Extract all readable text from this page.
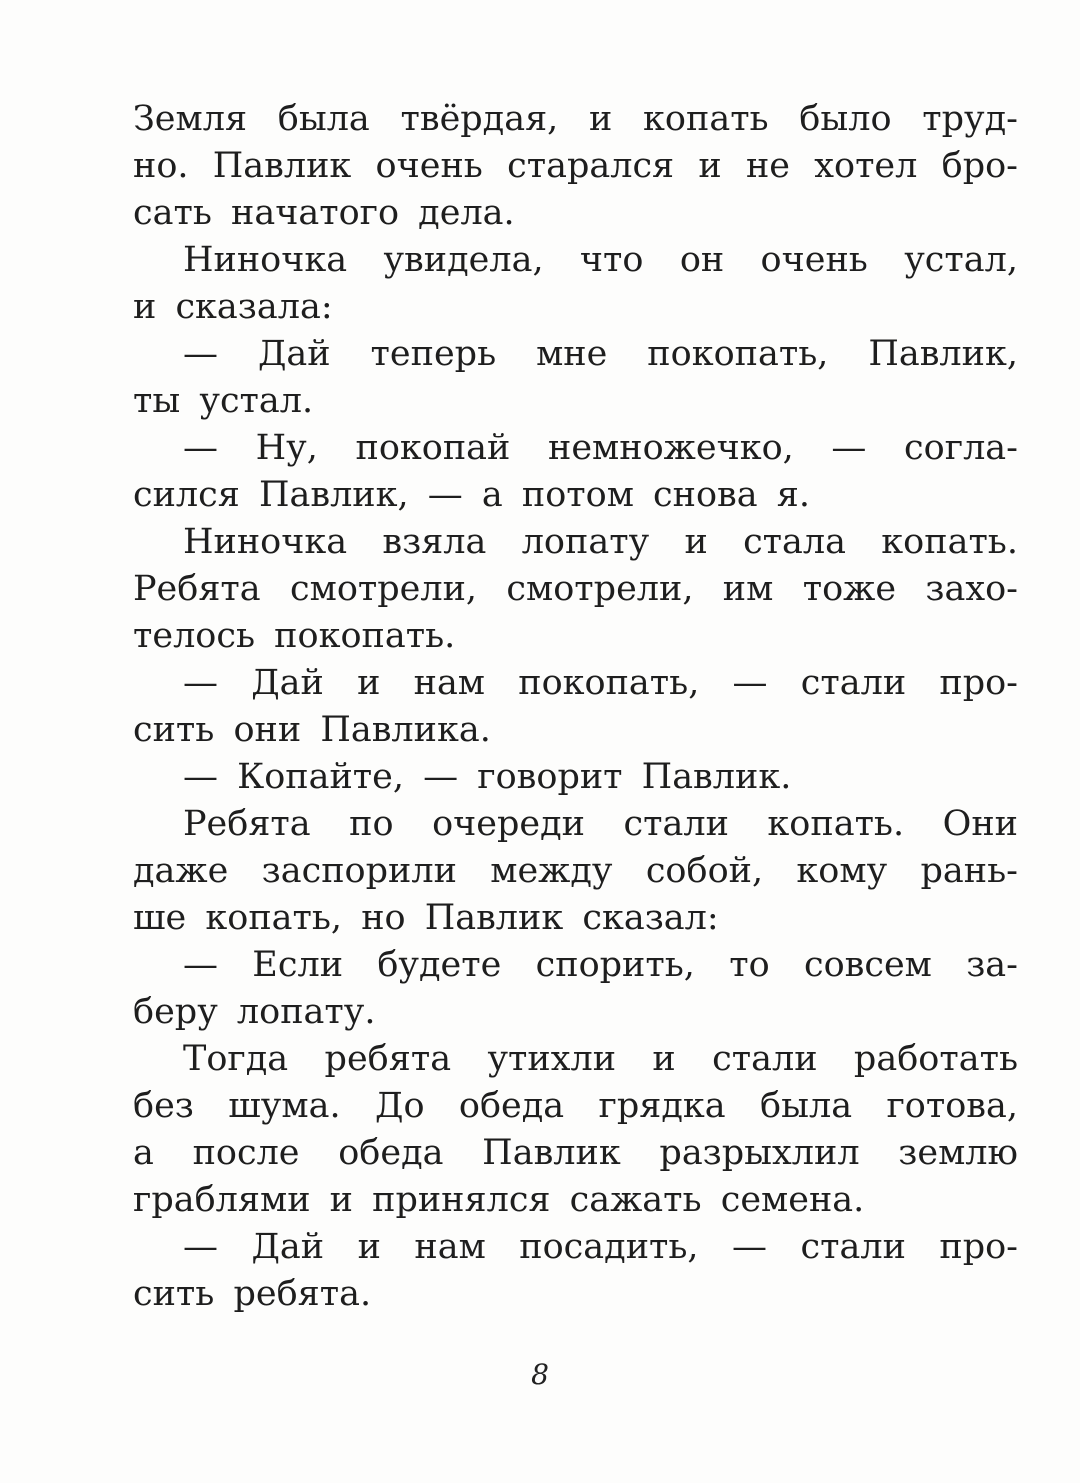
Земля была твёрдая, и копать было труд-
но. Павлик очень старался и не хотел бро-
сать начатого дела.
Ниночка увидела, что он очень устал,
и сказала:
— Дай теперь мне покопать, Павлик,
ты устал.
— Ну, покопай немножечко, — согла-
сился Павлик, — а потом снова я.
Ниночка взяла лопату и стала копать.
Ребята смотрели, смотрели, им тоже захо-
телось покопать.
— Дай и нам покопать, — стали про-
сить они Павлика.
— Копайте, — говорит Павлик.
Ребята по очереди стали копать. Они
даже заспорили между собой, кому рань-
ше копать, но Павлик сказал:
— Если будете спорить, то совсем за-
беру лопату.
Тогда ребята утихли и стали работать
без шума. До обеда грядка была готова,
а после обеда Павлик разрыхлил землю
граблями и принялся сажать семена.
— Дай и нам посадить, — стали про-
сить ребята.
8
